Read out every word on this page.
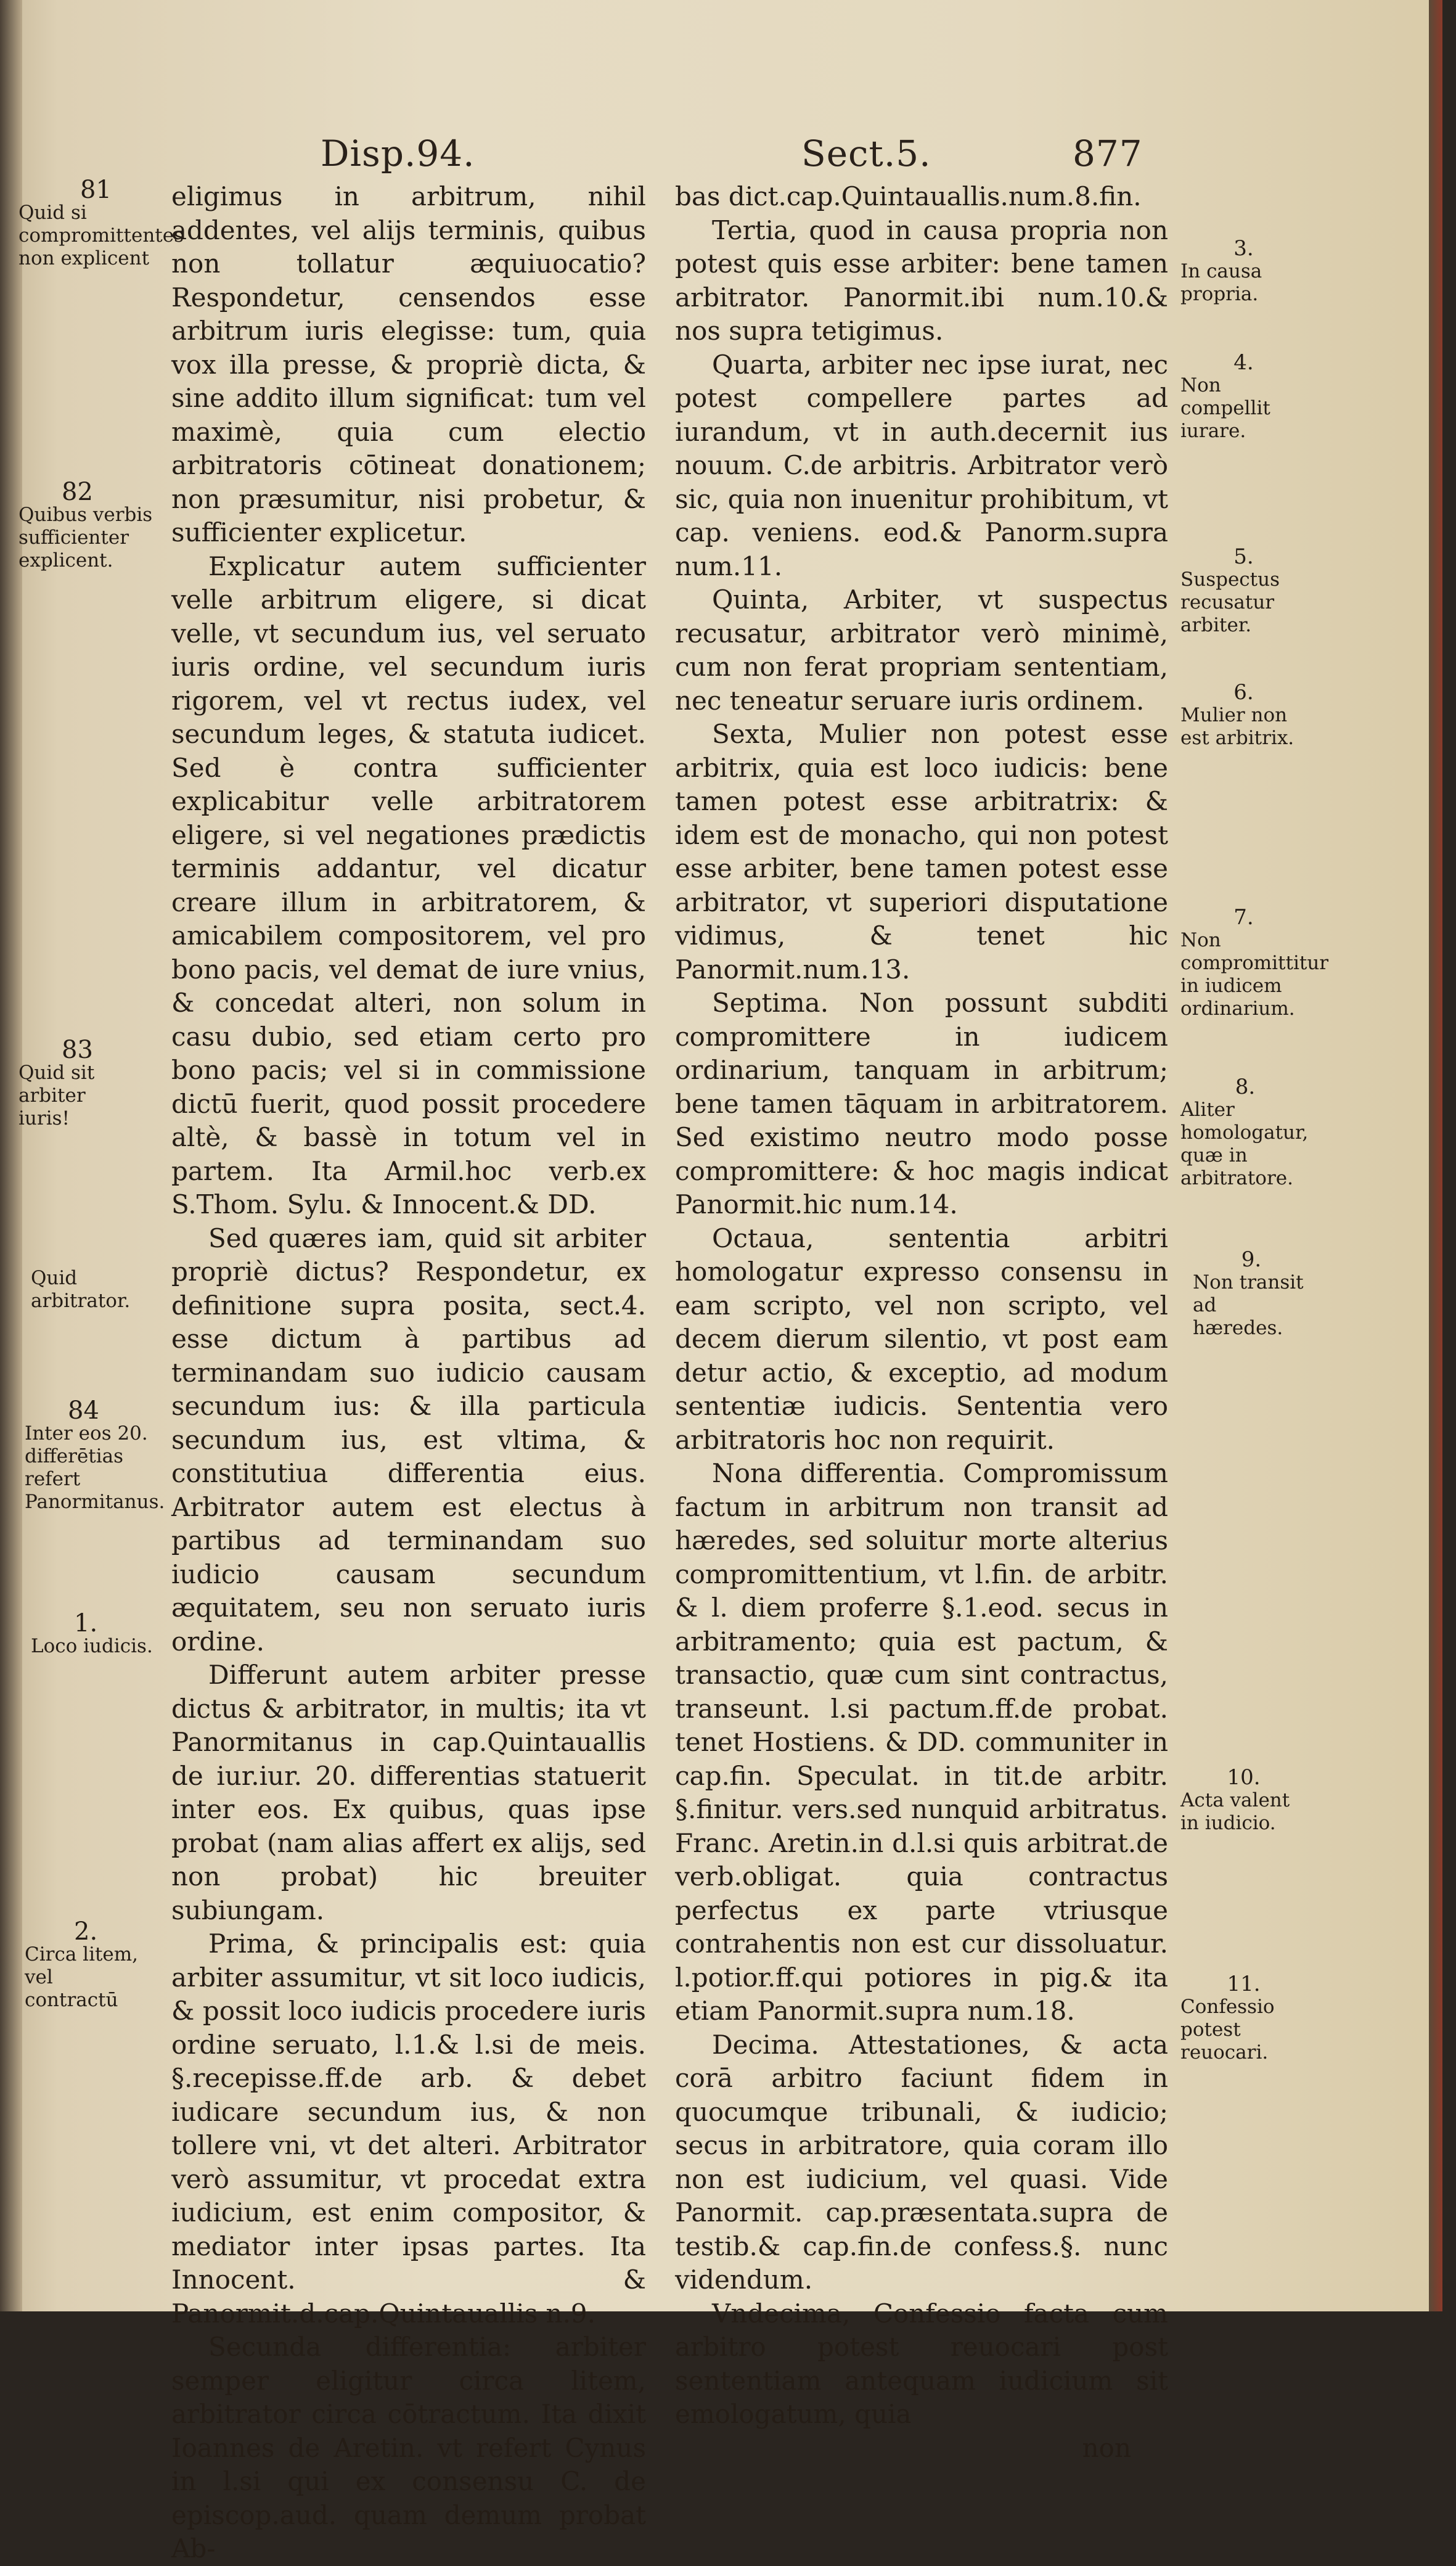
Disp.94.	Sect.5.	877
81
Quid si compromittentes non explicent
82
Quibus verbis sufficienter explicent.
83
Quid sit arbiter iuris!
Quid arbitrator.
84
Inter eos 20. differētias refert Panormitanus.
1.
Loco iudicis.
2.
Circa litem, vel contractū

eligimus in arbitrum, nihil addentes, vel alijs terminis, quibus non tollatur æquiuocatio? Respondetur, censendos esse arbitrum iuris elegisse: tum, quia vox illa presse, & propriè dicta, & sine addito illum significat: tum vel maximè, quia cum electio arbitratoris cōtineat donationem; non præsumitur, nisi probetur, & sufficienter explicetur.

Explicatur autem sufficienter velle arbitrum eligere, si dicat velle, vt secundum ius, vel seruato iuris ordine, vel secundum iuris rigorem, vel vt rectus iudex, vel secundum leges, & statuta iudicet. Sed è contra sufficienter explicabitur velle arbitratorem eligere, si vel negationes prædictis terminis addantur, vel dicatur creare illum in arbitratorem, & amicabilem compositorem, vel pro bono pacis, vel demat de iure vnius, & concedat alteri, non solum in casu dubio, sed etiam certo pro bono pacis; vel si in commissione dictū fuerit, quod possit procedere altè, & bassè in totum vel in partem. Ita Armil.hoc verb.ex S.Thom. Sylu. & Innocent.& DD.

Sed quæres iam, quid sit arbiter propriè dictus? Respondetur, ex definitione supra posita, sect.4. esse dictum à partibus ad terminandam suo iudicio causam secundum ius: & illa particula secundum ius, est vltima, & constitutiua differentia eius. Arbitrator autem est electus à partibus ad terminandam suo iudicio causam secundum æquitatem, seu non seruato iuris ordine.

Differunt autem arbiter presse dictus & arbitrator, in multis; ita vt Panormitanus in cap.Quintauallis de iur.iur. 20. differentias statuerit inter eos. Ex quibus, quas ipse probat (nam alias affert ex alijs, sed non probat) hic breuiter subiungam.

Prima, & principalis est: quia arbiter assumitur, vt sit loco iudicis, & possit loco iudicis procedere iuris ordine seruato, l.1.& l.si de meis. §.recepisse.ff.de arb. & debet iudicare secundum ius, & non tollere vni, vt det alteri. Arbitrator verò assumitur, vt procedat extra iudicium, est enim compositor, & mediator inter ipsas partes. Ita Innocent. & Panormit.d.cap.Quintauallis n.9.

Secunda differentia: arbiter semper eligitur circa litem, arbitrator circa cōtractum. Ita dixit Ioannes de Aretin. vt refert Cynus in l.si qui ex consensu C. de episcop.aud. quam demum probat Ab-

bas dict.cap.Quintauallis.num.8.fin.

Tertia, quod in causa propria non potest quis esse arbiter: bene tamen arbitrator. Panormit.ibi num.10.& nos supra tetigimus.

Quarta, arbiter nec ipse iurat, nec potest compellere partes ad iurandum, vt in auth.decernit ius nouum. C.de arbitris. Arbitrator verò sic, quia non inuenitur prohibitum, vt cap. veniens. eod.& Panorm.supra num.11.

Quinta, Arbiter, vt suspectus recusatur, arbitrator verò minimè, cum non ferat propriam sententiam, nec teneatur seruare iuris ordinem.

Sexta, Mulier non potest esse arbitrix, quia est loco iudicis: bene tamen potest esse arbitratrix: & idem est de monacho, qui non potest esse arbiter, bene tamen potest esse arbitrator, vt superiori disputatione vidimus, & tenet hic Panormit.num.13.

Septima. Non possunt subditi compromittere in iudicem ordinarium, tanquam in arbitrum; bene tamen tāquam in arbitratorem. Sed existimo neutro modo posse compromittere: & hoc magis indicat Panormit.hic num.14.

Octaua, sententia arbitri homologatur expresso consensu in eam scripto, vel non scripto, vel decem dierum silentio, vt post eam detur actio, & exceptio, ad modum sententiæ iudicis. Sententia vero arbitratoris hoc non requirit.

Nona differentia. Compromissum factum in arbitrum non transit ad hæredes, sed soluitur morte alterius compromittentium, vt l.fin. de arbitr. & l. diem proferre §.1.eod. secus in arbitramento; quia est pactum, & transactio, quæ cum sint contractus, transeunt. l.si pactum.ff.de probat. tenet Hostiens. & DD. communiter in cap.fin. Speculat. in tit.de arbitr. §.finitur. vers.sed nunquid arbitratus. Franc. Aretin.in d.l.si quis arbitrat.de verb.obligat. quia contractus perfectus ex parte vtriusque contrahentis non est cur dissoluatur. l.potior.ff.qui potiores in pig.& ita etiam Panormit.supra num.18.

Decima. Attestationes, & acta corā arbitro faciunt fidem in quocumque tribunali, & iudicio; secus in arbitratore, quia coram illo non est iudicium, vel quasi. Vide Panormit. cap.præsentata.supra de testib.& cap.fin.de confess.§. nunc videndum.

Vndecima, Confessio facta cum arbitro potest reuocari post sententiam antequam iudicium sit emologatum, quia

non

3.
In causa propria.
4.
Non compellit iurare.
5.
Suspectus recusatur arbiter.
6.
Mulier non est arbitrix.
7.
Non compromittitur in iudicem ordinarium.
8.
Aliter homologatur, quæ in arbitratore.
9.
Non transit ad hæredes.
10.
Acta valent in iudicio.
11.
Confessio potest reuocari.
